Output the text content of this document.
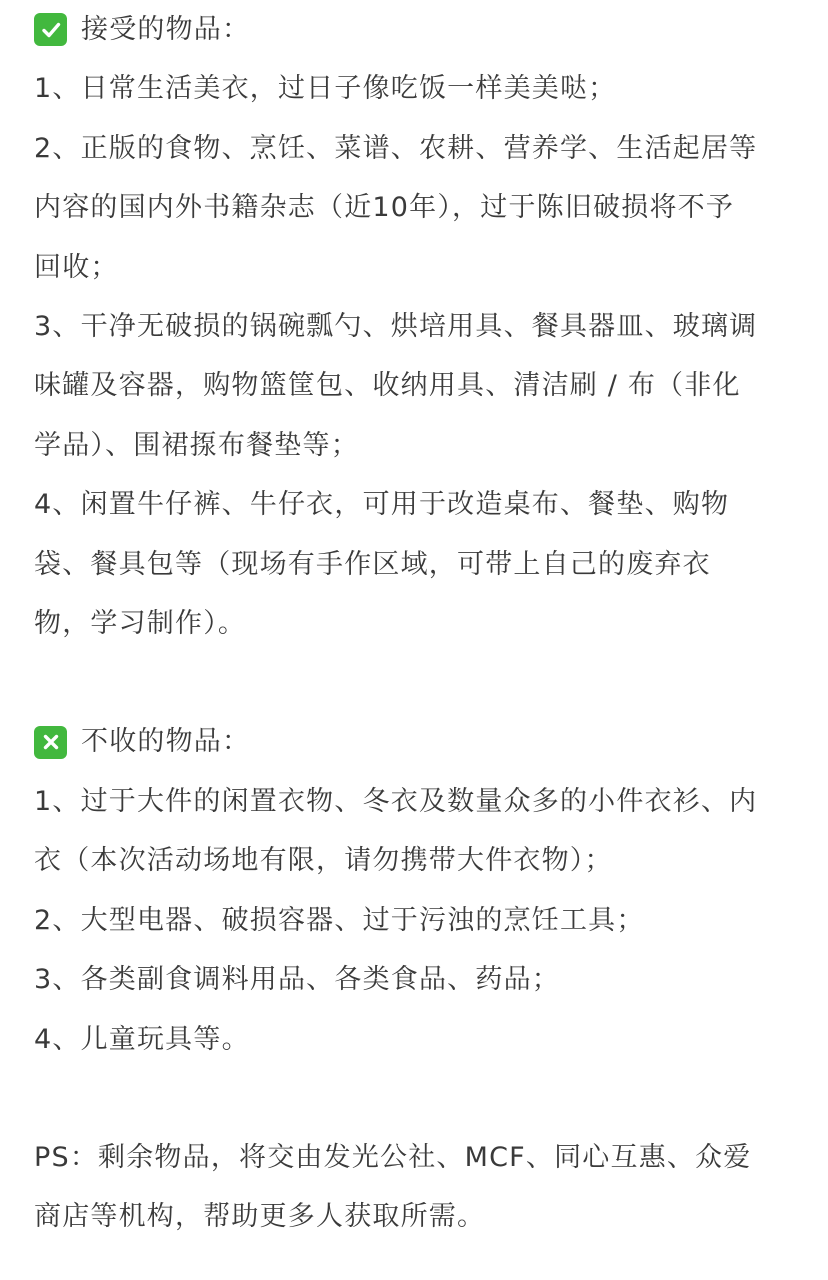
接受的物品：
1、日常生活美衣，过日子像吃饭一样美美哒；
2、正版的食物、烹饪、菜谱、农耕、营养学、生活起居等
内容的国内外书籍杂志（近10年），过于陈旧破损将不予
回收；
3、干净无破损的锅碗瓢勺、烘培用具、餐具器皿、玻璃调
味罐及容器，购物篮筐包、收纳用具、清洁刷 / 布（非化
学品）、围裙揼布餐垫等；
4、闲置牛仔裤、牛仔衣，可用于改造桌布、餐垫、购物
袋、餐具包等（现场有手作区域，可带上自己的废弃衣
物，学习制作）。
不收的物品：
1、过于大件的闲置衣物、冬衣及数量众多的小件衣衫、内
衣（本次活动场地有限，请勿携带大件衣物）；
2、大型电器、破损容器、过于污浊的烹饪工具；
3、各类副食调料用品、各类食品、药品；
4、儿童玩具等。
PS：剩余物品，将交由发光公社、MCF、同心互惠、众爱
商店等机构，帮助更多人获取所需。
